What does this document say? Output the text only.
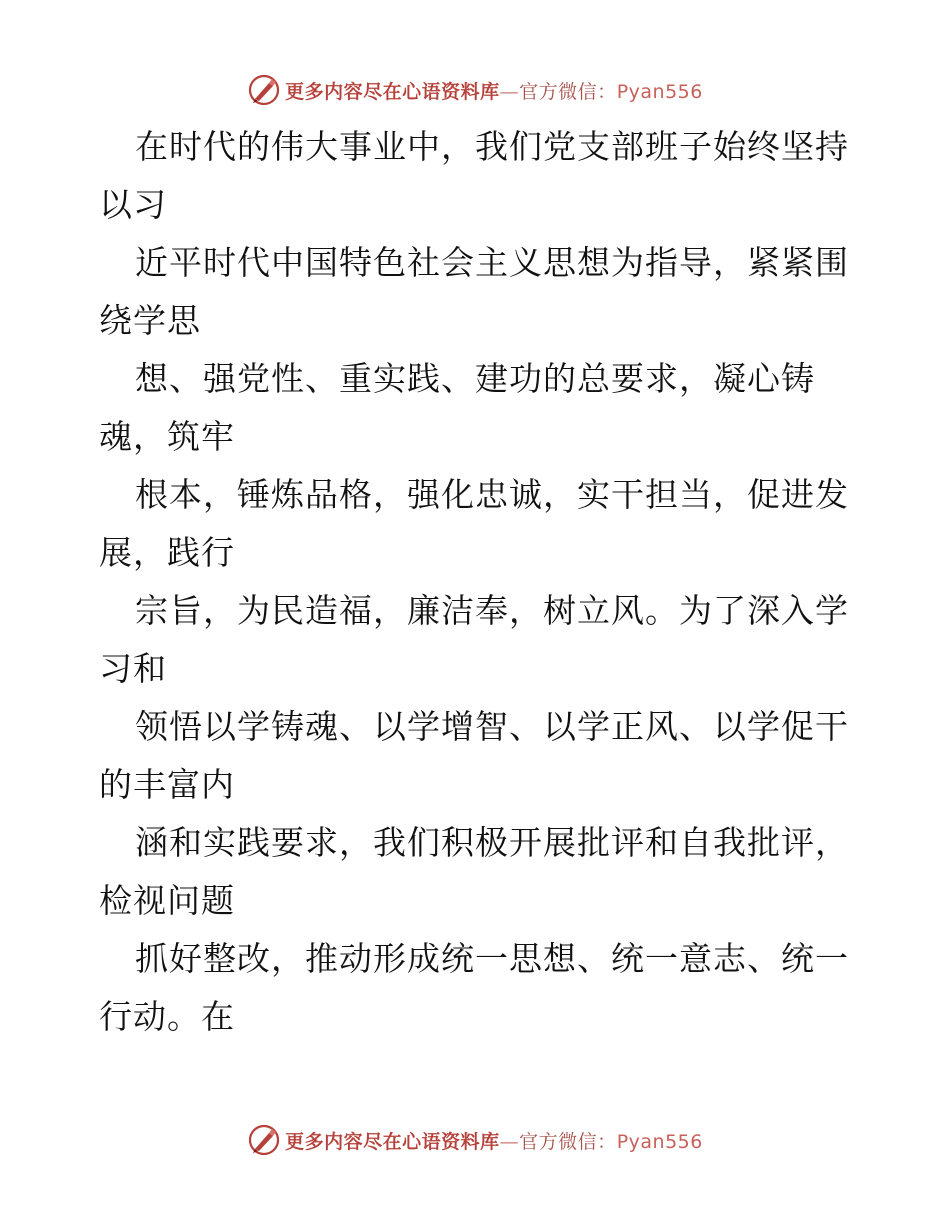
更多内容尽在心语资料库—官方微信：Pyan556
在时代的伟大事业中，我们党支部班子始终坚持
以习
近平时代中国特色社会主义思想为指导，紧紧围
绕学思
想、强党性、重实践、建功的总要求，凝心铸
魂，筑牢
根本，锤炼品格，强化忠诚，实干担当，促进发
展，践行
宗旨，为民造福，廉洁奉，树立风。为了深入学
习和
领悟以学铸魂、以学增智、以学正风、以学促干
的丰富内
涵和实践要求，我们积极开展批评和自我批评，
检视问题
抓好整改，推动形成统一思想、统一意志、统一
行动。在
更多内容尽在心语资料库—官方微信：Pyan556
